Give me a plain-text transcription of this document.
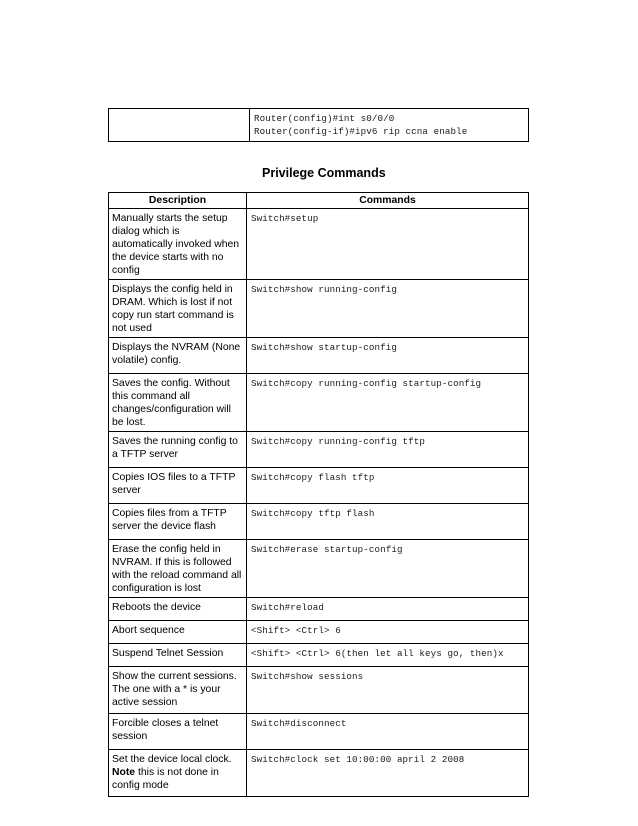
Router(config)#int s0/0/0
Router(config-if)#ipv6 rip ccna enable
Privilege Commands
Description	Commands
Manually starts the setup dialog which is automatically invoked when the device starts with no config	Switch#setup

Displays the config held in DRAM. Which is lost if not copy run start command is not used	Switch#show running-config

Displays the NVRAM (None volatile) config.	Switch#show startup-config

Saves the config. Without this command all changes/configuration will be lost.	Switch#copy running-config startup-config

Saves the running config to a TFTP server	Switch#copy running-config tftp

Copies IOS files to a TFTP server	Switch#copy flash tftp

Copies files from a TFTP server the device flash	Switch#copy tftp flash

Erase the config held in NVRAM. If this is followed with the reload command all configuration is lost	Switch#erase startup-config

Reboots the device	Switch#reload

Abort sequence	<Shift> <Ctrl> 6

Suspend Telnet Session	<Shift> <Ctrl> 6(then let all keys go, then)x

Show the current sessions. The one with a * is your active session	Switch#show sessions

Forcible closes a telnet session	Switch#disconnect

Set the device local clock. Note this is not done in config mode	Switch#clock set 10:00:00 april 2 2008
